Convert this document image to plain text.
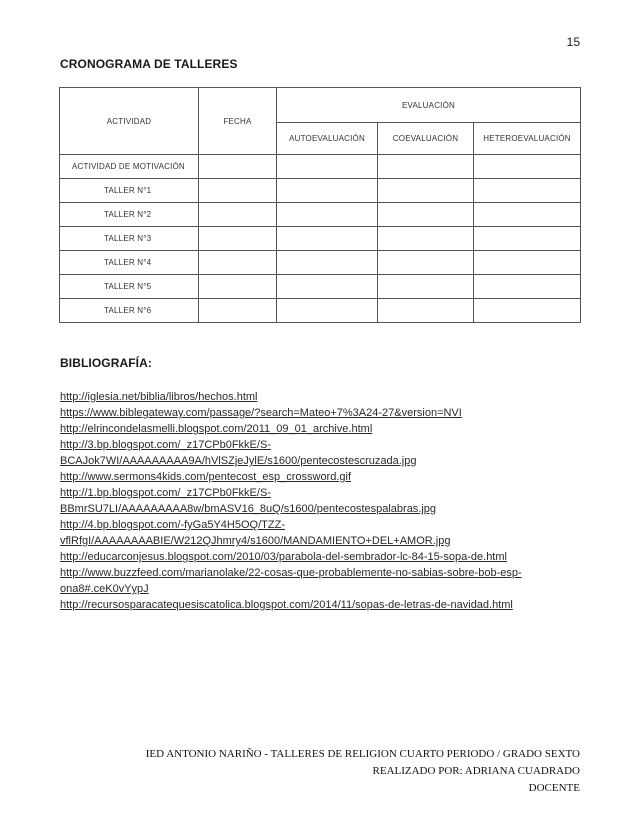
15
CRONOGRAMA DE TALLERES
ACTIVIDAD	FECHA	EVALUACIÓN		
		AUTOEVALUACIÓN	COEVALUACIÓN	HETEROEVALUACIÓN
ACTIVIDAD DE MOTIVACIÓN				
TALLER N°1				
TALLER N°2				
TALLER N°3				
TALLER N°4				
TALLER N°5				
TALLER N°6				
BIBLIOGRAFÍA:
http://iglesia.net/biblia/libros/hechos.html
https://www.biblegateway.com/passage/?search=Mateo+7%3A24-27&version=NVI
http://elrincondelasmelli.blogspot.com/2011_09_01_archive.html
http://3.bp.blogspot.com/_z17CPb0FkkE/S-
BCAJok7WI/AAAAAAAAA9A/hVlSZjeJylE/s1600/pentecostescruzada.jpg
http://www.sermons4kids.com/pentecost_esp_crossword.gif
http://1.bp.blogspot.com/_z17CPb0FkkE/S-
BBmrSU7LI/AAAAAAAAA8w/bmASV16_8uQ/s1600/pentecostespalabras.jpg
http://4.bp.blogspot.com/-fyGa5Y4H5OQ/TZZ-
vflRfgI/AAAAAAAABIE/W212QJhmry4/s1600/MANDAMIENTO+DEL+AMOR.jpg
http://educarconjesus.blogspot.com/2010/03/parabola-del-sembrador-lc-84-15-sopa-de.html
http://www.buzzfeed.com/marianolake/22-cosas-que-probablemente-no-sabias-sobre-bob-esp-
ona8#.ceK0vYypJ
http://recursosparacatequesiscatolica.blogspot.com/2014/11/sopas-de-letras-de-navidad.html
IED ANTONIO NARIÑO - TALLERES DE RELIGION CUARTO PERIODO / GRADO SEXTO
REALIZADO POR: ADRIANA CUADRADO
DOCENTE
